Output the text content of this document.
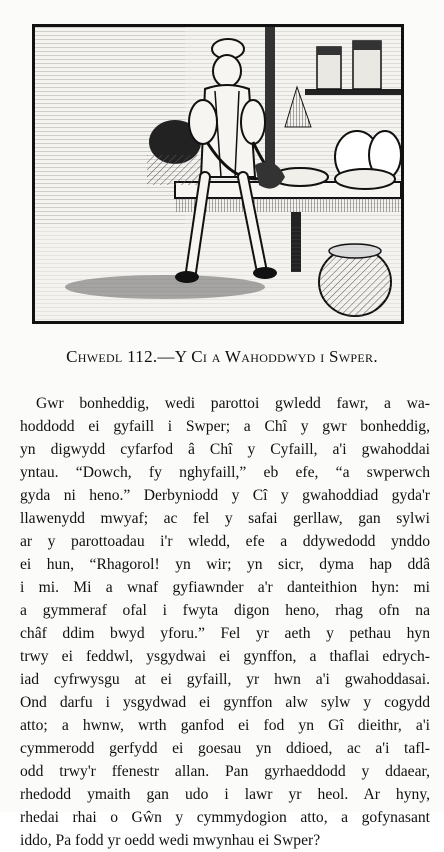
Chwedl 112.—Y Ci a Wahoddwyd i Swper.
Gwr bonheddig, wedi parottoi gwledd fawr, a wa-
hoddodd ei gyfaill i Swper; a Chî y gwr bonheddig,
yn digwydd cyfarfod â Chî y Cyfaill, a'i gwahoddai
yntau. “Dowch, fy nghyfaill,” eb efe, “a swperwch
gyda ni heno.” Derbyniodd y Cî y gwahoddiad gyda'r
llawenydd mwyaf; ac fel y safai gerllaw, gan sylwi
ar y parottoadau i'r wledd, efe a ddywedodd ynddo
ei hun, “Rhagorol! yn wir; yn sicr, dyma hap ddâ
i mi. Mi a wnaf gyfiawnder a'r danteithion hyn: mi
a gymmeraf ofal i fwyta digon heno, rhag ofn na
châf ddim bwyd yforu.” Fel yr aeth y pethau hyn
trwy ei feddwl, ysgydwai ei gynffon, a thaflai edrych-
iad cyfrwysgu at ei gyfaill, yr hwn a'i gwahoddasai.
Ond darfu i ysgydwad ei gynffon alw sylw y cogydd
atto; a hwnw, wrth ganfod ei fod yn Gî dieithr, a'i
cymmerodd gerfydd ei goesau yn ddioed, ac a'i tafl-
odd trwy'r ffenestr allan. Pan gyrhaeddodd y ddaear,
rhedodd ymaith gan udo i lawr yr heol. Ar hyny,
rhedai rhai o Gŵn y cymmydogion atto, a gofynasant
iddo, Pa fodd yr oedd wedi mwynhau ei Swper?
